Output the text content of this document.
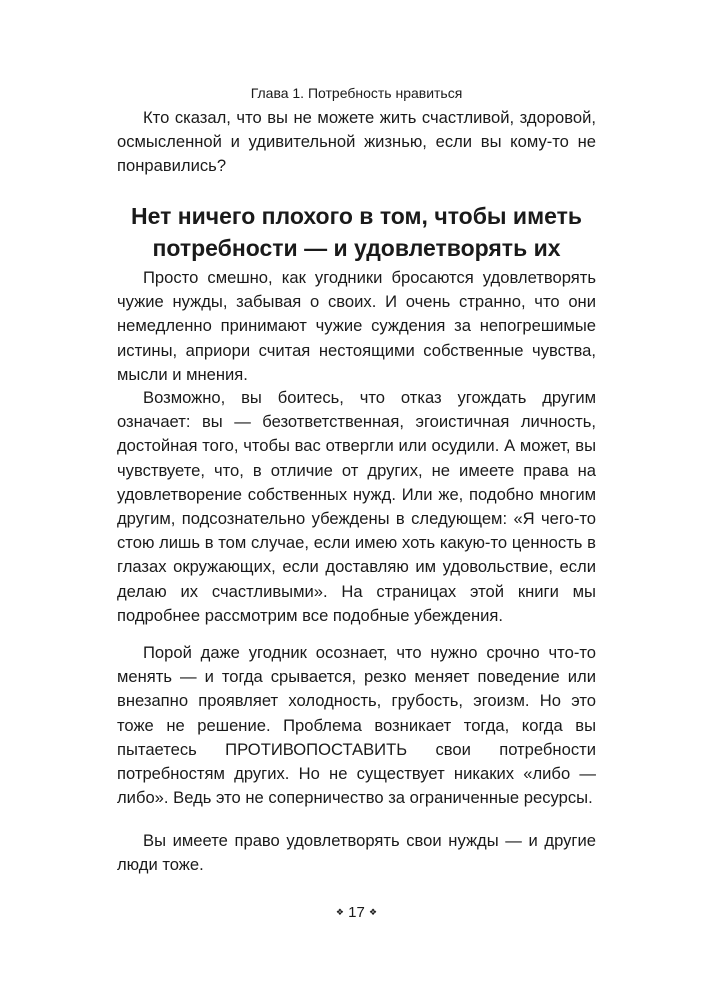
Глава 1. Потребность нравиться

Кто сказал, что вы не можете жить счастливой, здоровой, осмысленной и удивительной жизнью, если вы кому-то не понравились?

Нет ничего плохого в том, чтобы иметь потребности — и удовлетворять их

Просто смешно, как угодники бросаются удовлетворять чужие нужды, забывая о своих. И очень странно, что они немедленно принимают чужие суждения за непогрешимые истины, априори считая нестоящими собственные чувства, мысли и мнения.

Возможно, вы боитесь, что отказ угождать другим означает: вы — безответственная, эгоистичная личность, достойная того, чтобы вас отвергли или осудили. А может, вы чувствуете, что, в отличие от других, не имеете права на удовлетворение собственных нужд. Или же, подобно многим другим, подсознательно убеждены в следующем: «Я чего-то стою лишь в том случае, если имею хоть какую-то ценность в глазах окружающих, если доставляю им удовольствие, если делаю их счастливыми». На страницах этой книги мы подробнее рассмотрим все подобные убеждения.

Порой даже угодник осознает, что нужно срочно что-то менять — и тогда срывается, резко меняет поведение или внезапно проявляет холодность, грубость, эгоизм. Но это тоже не решение. Проблема возникает тогда, когда вы пытаетесь ПРОТИВОПОСТАВИТЬ свои потребности потребностям других. Но не существует никаких «либо — либо». Ведь это не соперничество за ограниченные ресурсы.

Вы имеете право удовлетворять свои нужды — и другие люди тоже.

❖ 17 ❖
